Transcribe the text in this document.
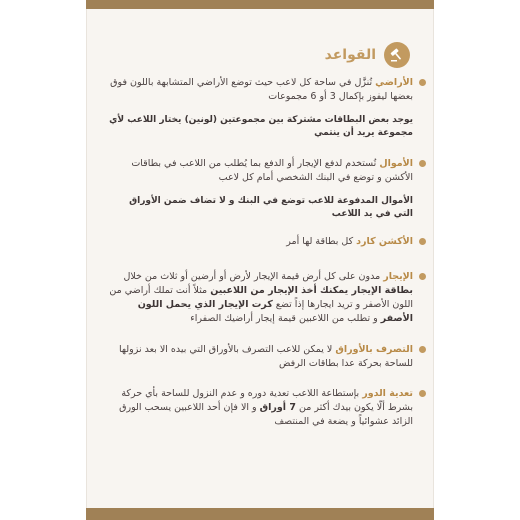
القواعد
الأراضي تُنزَّل في ساحة كل لاعب حيث توضع الأراضي المتشابهة باللون فوق بعضها ليفوز بإكمال 3 أو 6 مجموعات
يوجد بعض البطاقات مشتركة بين مجموعتين (لونين) يختار اللاعب لأي مجموعة يريد أن ينتمي
الأموال تُستخدم لدفع الإيجار أو الدفع بما يُطلب من اللاعب في بطاقات الأكشن و توضع في البنك الشخصي أمام كل لاعب
الأموال المدفوعة للاعب توضع في البنك و لا تضاف ضمن الأوراق التي في يد اللاعب
الأكشن كارد كل بطاقة لها أمر
الإيجار مدون على كل أرض قيمة الإيجار لأرض أو أرضين أو ثلاث من خلال بطاقة الإيجار يمكنك أخذ الإيجار من اللاعبين مثلاً أنت تملك أراضي من اللون الأصفر و تريد ايجارها إذاً تضع كرت الإيجار الذي يحمل اللون الأصفر و تطلب من اللاعبين قيمة إيجار أراضيك الصفراء
التصرف بالأوراق لا يمكن للاعب التصرف بالأوراق التي بيده الا بعد نزولها للساحة بحركة عدا بطاقات الرفض
تعدية الدور بإستطاعة اللاعب تعدية دوره و عدم النزول للساحة بأي حركة بشرط ألّا يكون بيدك أكثر من 7 أوراق و الا فإن أحد اللاعبين يسحب الورق الزائد عشوائياً و يضعة في المنتصف
